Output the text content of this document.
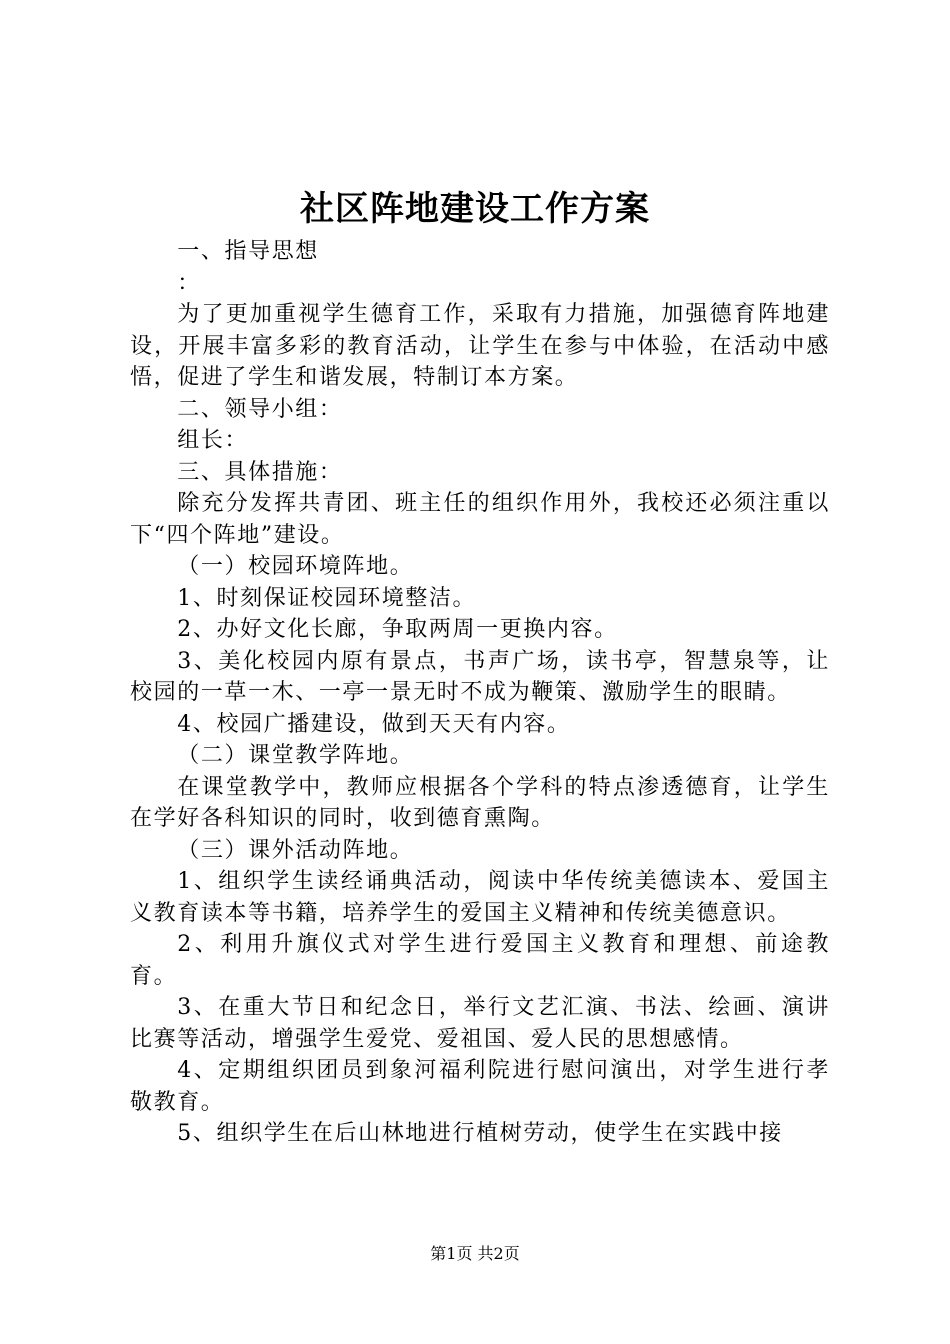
社区阵地建设工作方案

一、指导思想

：

为了更加重视学生德育工作，采取有力措施，加强德育阵地建设，开展丰富多彩的教育活动，让学生在参与中体验，在活动中感悟，促进了学生和谐发展，特制订本方案。

二、领导小组：

组长：

三、具体措施：

除充分发挥共青团、班主任的组织作用外，我校还必须注重以下“四个阵地”建设。

（一）校园环境阵地。

1、时刻保证校园环境整洁。

2、办好文化长廊，争取两周一更换内容。

3、美化校园内原有景点，书声广场，读书亭，智慧泉等，让校园的一草一木、一亭一景无时不成为鞭策、激励学生的眼睛。

4、校园广播建设，做到天天有内容。

（二）课堂教学阵地。

在课堂教学中，教师应根据各个学科的特点渗透德育，让学生在学好各科知识的同时，收到德育熏陶。

（三）课外活动阵地。

1、组织学生读经诵典活动，阅读中华传统美德读本、爱国主义教育读本等书籍，培养学生的爱国主义精神和传统美德意识。

2、利用升旗仪式对学生进行爱国主义教育和理想、前途教育。

3、在重大节日和纪念日，举行文艺汇演、书法、绘画、演讲比赛等活动，增强学生爱党、爱祖国、爱人民的思想感情。

4、定期组织团员到象河福利院进行慰问演出，对学生进行孝敬教育。

5、组织学生在后山林地进行植树劳动，使学生在实践中接

第1页 共2页
